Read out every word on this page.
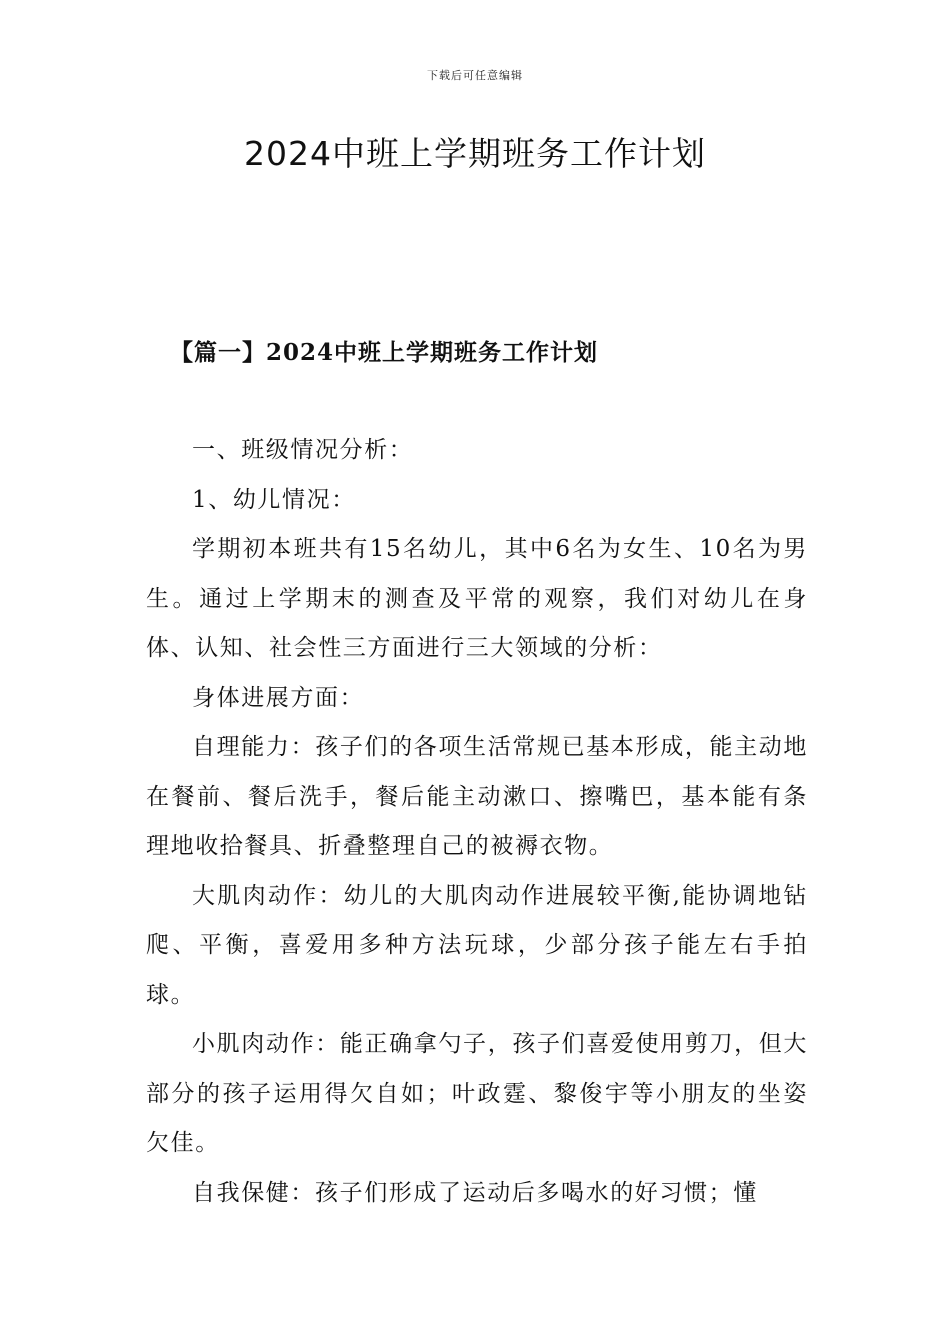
下载后可任意编辑
2024中班上学期班务工作计划
【篇一】2024中班上学期班务工作计划

一、班级情况分析：

1、幼儿情况：

学期初本班共有15名幼儿，其中6名为女生、10名为男生。通过上学期末的测查及平常的观察，我们对幼儿在身体、认知、社会性三方面进行三大领域的分析：

身体进展方面：

自理能力：孩子们的各项生活常规已基本形成，能主动地在餐前、餐后洗手，餐后能主动漱口、擦嘴巴，基本能有条理地收拾餐具、折叠整理自己的被褥衣物。

大肌肉动作：幼儿的大肌肉动作进展较平衡,能协调地钻爬、平衡，喜爱用多种方法玩球，少部分孩子能左右手拍球。

小肌肉动作：能正确拿勺子，孩子们喜爱使用剪刀，但大部分的孩子运用得欠自如；叶政霆、黎俊宇等小朋友的坐姿欠佳。

自我保健：孩子们形成了运动后多喝水的好习惯；懂
